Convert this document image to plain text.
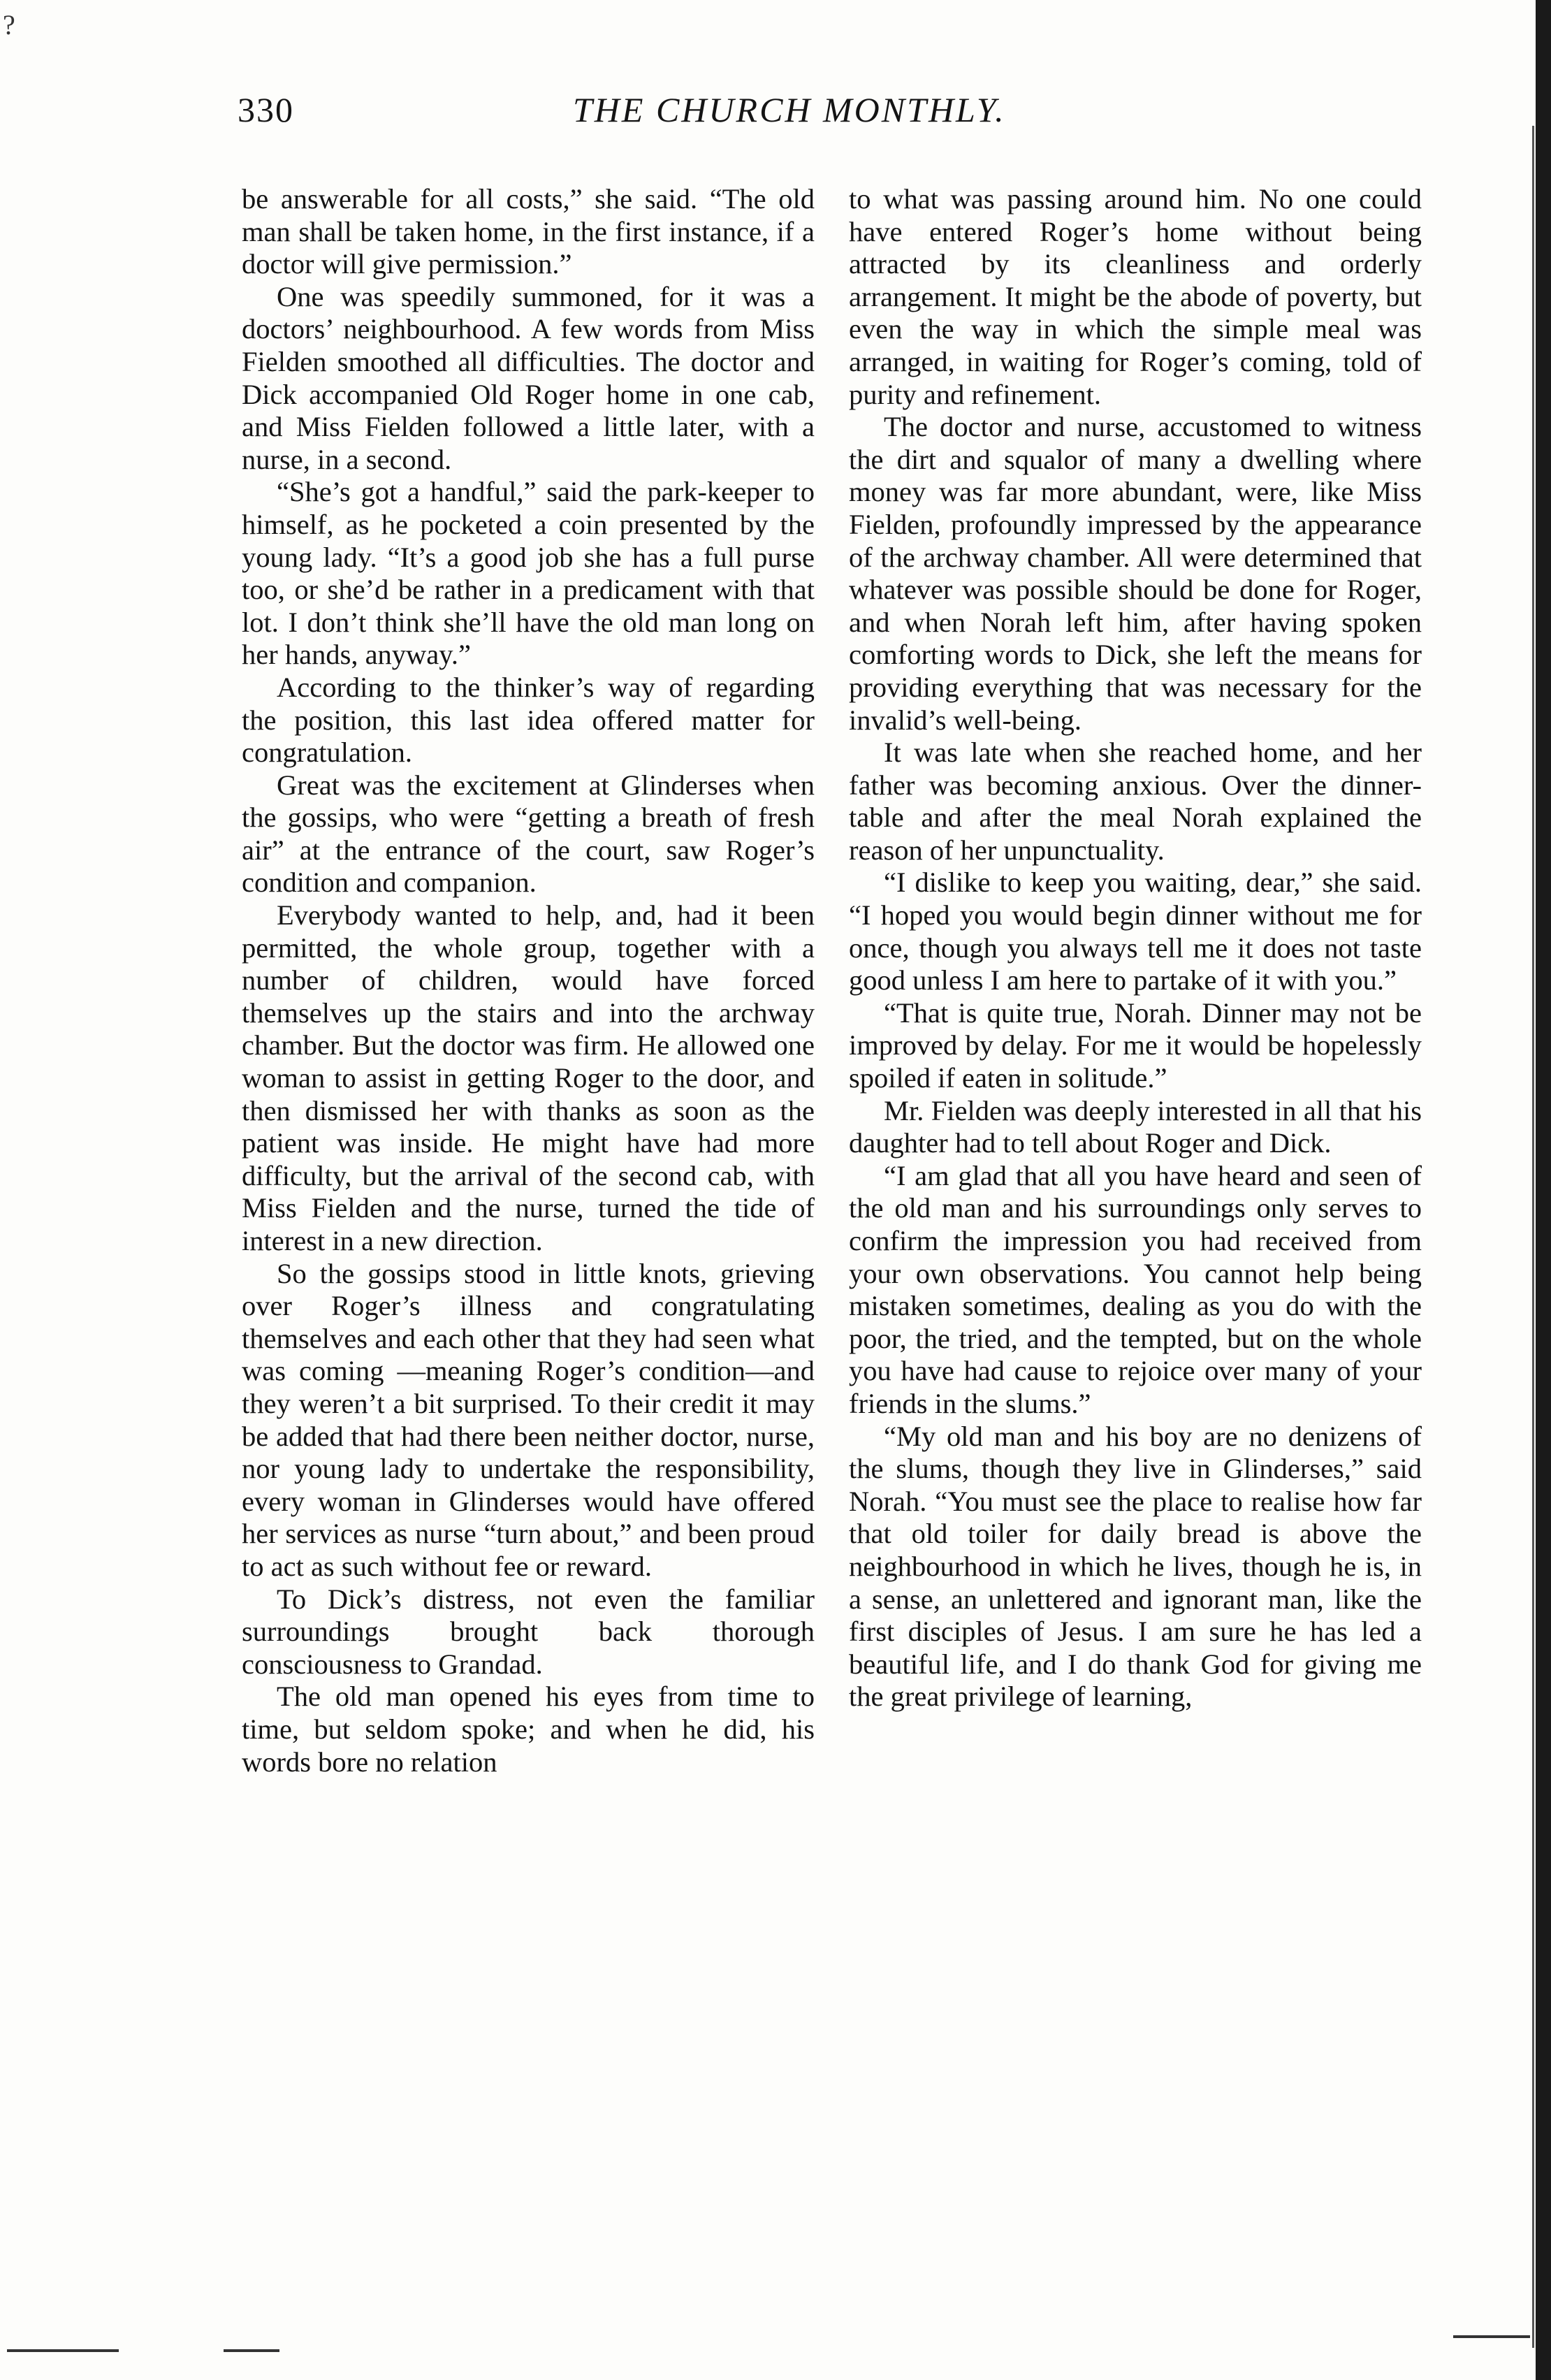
?
330	THE CHURCH MONTHLY.

be answerable for all costs,” she said. “The old man shall be taken home, in the first instance, if a doctor will give permission.”

One was speedily summoned, for it was a doctors’ neighbourhood. A few words from Miss Fielden smoothed all difficulties. The doctor and Dick accompanied Old Roger home in one cab, and Miss Fielden followed a little later, with a nurse, in a second.

“She’s got a handful,” said the park-keeper to himself, as he pocketed a coin presented by the young lady. “It’s a good job she has a full purse too, or she’d be rather in a predicament with that lot. I don’t think she’ll have the old man long on her hands, anyway.”

According to the thinker’s way of regarding the position, this last idea offered matter for congratulation.

Great was the excitement at Glinderses when the gossips, who were “getting a breath of fresh air” at the entrance of the court, saw Roger’s condition and companion.

Everybody wanted to help, and, had it been permitted, the whole group, together with a number of children, would have forced themselves up the stairs and into the archway chamber. But the doctor was firm. He allowed one woman to assist in getting Roger to the door, and then dismissed her with thanks as soon as the patient was inside. He might have had more difficulty, but the arrival of the second cab, with Miss Fielden and the nurse, turned the tide of interest in a new direction.

So the gossips stood in little knots, grieving over Roger’s illness and congratulating themselves and each other that they had seen what was coming —meaning Roger’s condition—and they weren’t a bit surprised. To their credit it may be added that had there been neither doctor, nurse, nor young lady to undertake the responsibility, every woman in Glinderses would have offered her services as nurse “turn about,” and been proud to act as such without fee or reward.

To Dick’s distress, not even the familiar surroundings brought back thorough consciousness to Grandad.

The old man opened his eyes from time to time, but seldom spoke; and when he did, his words bore no relation

to what was passing around him. No one could have entered Roger’s home without being attracted by its cleanliness and orderly arrangement. It might be the abode of poverty, but even the way in which the simple meal was arranged, in waiting for Roger’s coming, told of purity and refinement.

The doctor and nurse, accustomed to witness the dirt and squalor of many a dwelling where money was far more abundant, were, like Miss Fielden, profoundly impressed by the appearance of the archway chamber. All were determined that whatever was possible should be done for Roger, and when Norah left him, after having spoken comforting words to Dick, she left the means for providing everything that was necessary for the invalid’s well-being.

It was late when she reached home, and her father was becoming anxious. Over the dinner-table and after the meal Norah explained the reason of her unpunctuality.

“I dislike to keep you waiting, dear,” she said. “I hoped you would begin dinner without me for once, though you always tell me it does not taste good unless I am here to partake of it with you.”

“That is quite true, Norah. Dinner may not be improved by delay. For me it would be hopelessly spoiled if eaten in solitude.”

Mr. Fielden was deeply interested in all that his daughter had to tell about Roger and Dick.

“I am glad that all you have heard and seen of the old man and his surroundings only serves to confirm the impression you had received from your own observations. You cannot help being mistaken sometimes, dealing as you do with the poor, the tried, and the tempted, but on the whole you have had cause to rejoice over many of your friends in the slums.”

“My old man and his boy are no denizens of the slums, though they live in Glinderses,” said Norah. “You must see the place to realise how far that old toiler for daily bread is above the neighbourhood in which he lives, though he is, in a sense, an unlettered and ignorant man, like the first disciples of Jesus. I am sure he has led a beautiful life, and I do thank God for giving me the great privilege of learning,
